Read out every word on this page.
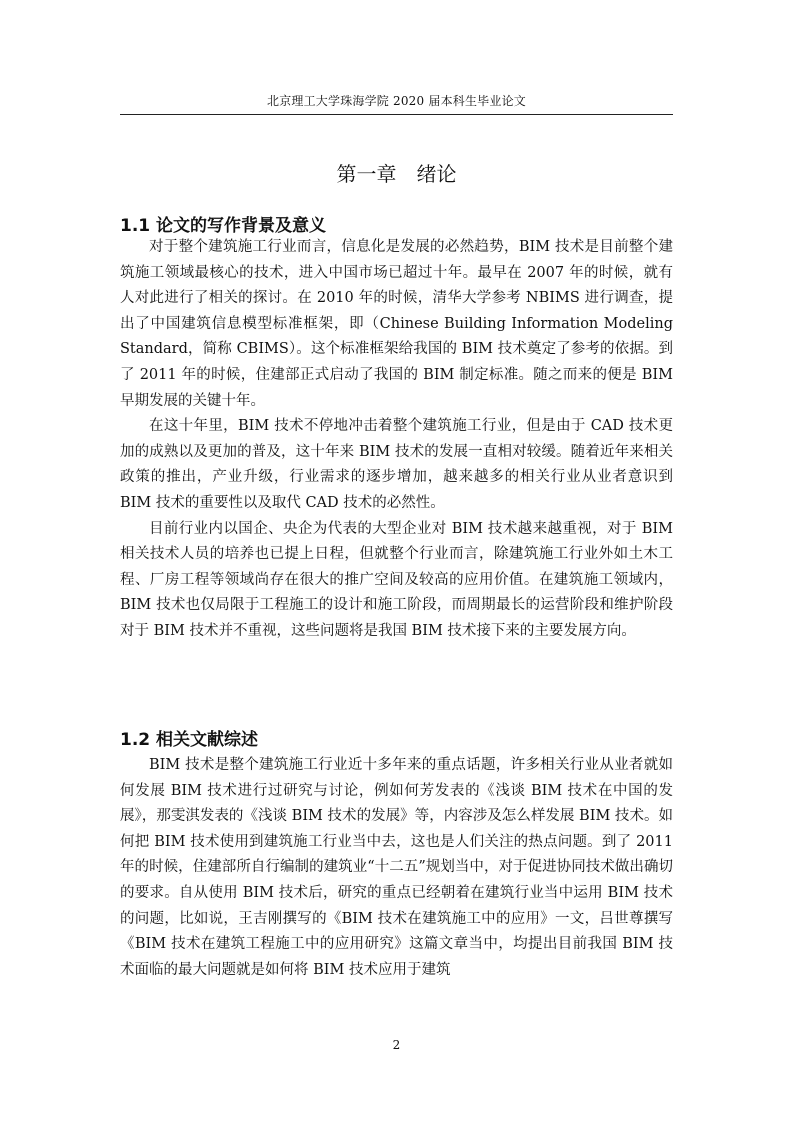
北京理工大学珠海学院 2020 届本科生毕业论文
第一章　绪论
1.1 论文的写作背景及意义

对于整个建筑施工行业而言，信息化是发展的必然趋势，BIM 技术是目前整个建筑施工领域最核心的技术，进入中国市场已超过十年。最早在 2007 年的时候，就有人对此进行了相关的探讨。在 2010 年的时候，清华大学参考 NBIMS 进行调查，提出了中国建筑信息模型标准框架，即（Chinese Building Information Modeling Standard，简称 CBIMS）。这个标准框架给我国的 BIM 技术奠定了参考的依据。到了 2011 年的时候，住建部正式启动了我国的 BIM 制定标准。随之而来的便是 BIM 早期发展的关键十年。

在这十年里，BIM 技术不停地冲击着整个建筑施工行业，但是由于 CAD 技术更加的成熟以及更加的普及，这十年来 BIM 技术的发展一直相对较缓。随着近年来相关政策的推出，产业升级，行业需求的逐步增加，越来越多的相关行业从业者意识到 BIM 技术的重要性以及取代 CAD 技术的必然性。

目前行业内以国企、央企为代表的大型企业对 BIM 技术越来越重视，对于 BIM 相关技术人员的培养也已提上日程，但就整个行业而言，除建筑施工行业外如土木工程、厂房工程等领域尚存在很大的推广空间及较高的应用价值。在建筑施工领域内，BIM 技术也仅局限于工程施工的设计和施工阶段，而周期最长的运营阶段和维护阶段对于 BIM 技术并不重视，这些问题将是我国 BIM 技术接下来的主要发展方向。

1.2 相关文献综述

BIM 技术是整个建筑施工行业近十多年来的重点话题，许多相关行业从业者就如何发展 BIM 技术进行过研究与讨论，例如何芳发表的《浅谈 BIM 技术在中国的发展》，那雯淇发表的《浅谈 BIM 技术的发展》等，内容涉及怎么样发展 BIM 技术。如何把 BIM 技术使用到建筑施工行业当中去，这也是人们关注的热点问题。到了 2011 年的时候，住建部所自行编制的建筑业“十二五”规划当中，对于促进协同技术做出确切的要求。自从使用 BIM 技术后，研究的重点已经朝着在建筑行业当中运用 BIM 技术的问题，比如说，王吉刚撰写的《BIM 技术在建筑施工中的应用》一文，吕世尊撰写《BIM 技术在建筑工程施工中的应用研究》这篇文章当中，均提出目前我国 BIM 技术面临的最大问题就是如何将 BIM 技术应用于建筑

2
